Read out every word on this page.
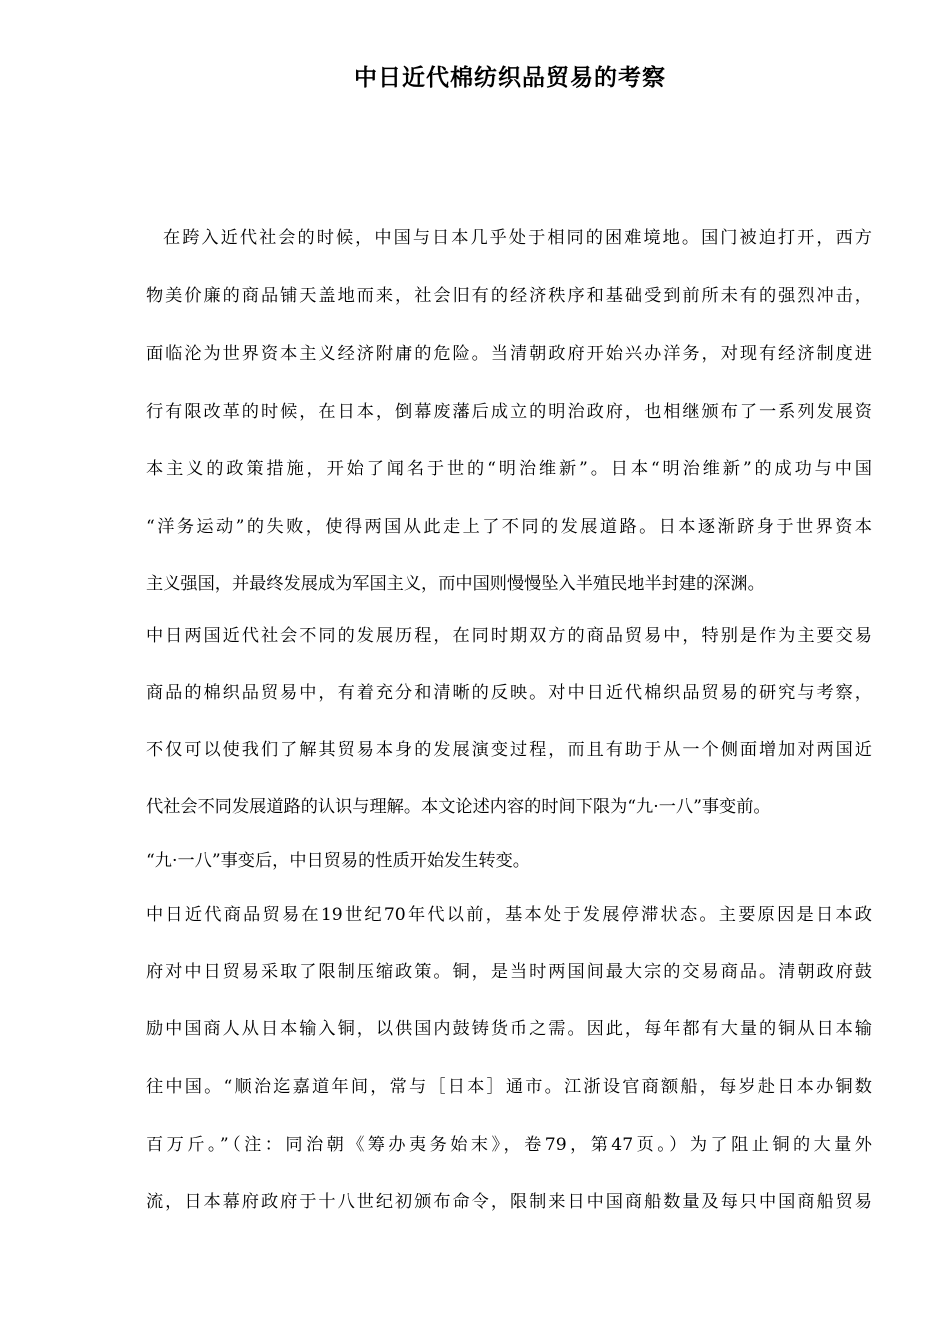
中日近代棉纺织品贸易的考察
在跨入近代社会的时候，中国与日本几乎处于相同的困难境地。国门被迫打开，西方
物美价廉的商品铺天盖地而来，社会旧有的经济秩序和基础受到前所未有的强烈冲击，
面临沦为世界资本主义经济附庸的危险。当清朝政府开始兴办洋务，对现有经济制度进
行有限改革的时候，在日本，倒幕废藩后成立的明治政府，也相继颁布了一系列发展资
本主义的政策措施，开始了闻名于世的“明治维新”。日本“明治维新”的成功与中国
“洋务运动”的失败，使得两国从此走上了不同的发展道路。日本逐渐跻身于世界资本
主义强国，并最终发展成为军国主义，而中国则慢慢坠入半殖民地半封建的深渊。
中日两国近代社会不同的发展历程，在同时期双方的商品贸易中，特别是作为主要交易
商品的棉织品贸易中，有着充分和清晰的反映。对中日近代棉织品贸易的研究与考察，
不仅可以使我们了解其贸易本身的发展演变过程，而且有助于从一个侧面增加对两国近
代社会不同发展道路的认识与理解。本文论述内容的时间下限为“九·一八”事变前。
“九·一八”事变后，中日贸易的性质开始发生转变。
中日近代商品贸易在19世纪70年代以前，基本处于发展停滞状态。主要原因是日本政
府对中日贸易采取了限制压缩政策。铜，是当时两国间最大宗的交易商品。清朝政府鼓
励中国商人从日本输入铜，以供国内鼓铸货币之需。因此，每年都有大量的铜从日本输
往中国。“顺治迄嘉道年间，常与［日本］通市。江浙设官商额船，每岁赴日本办铜数
百万斤。”（注：同治朝《筹办夷务始末》，卷79，第47页。）为了阻止铜的大量外
流，日本幕府政府于十八世纪初颁布命令，限制来日中国商船数量及每只中国商船贸易
